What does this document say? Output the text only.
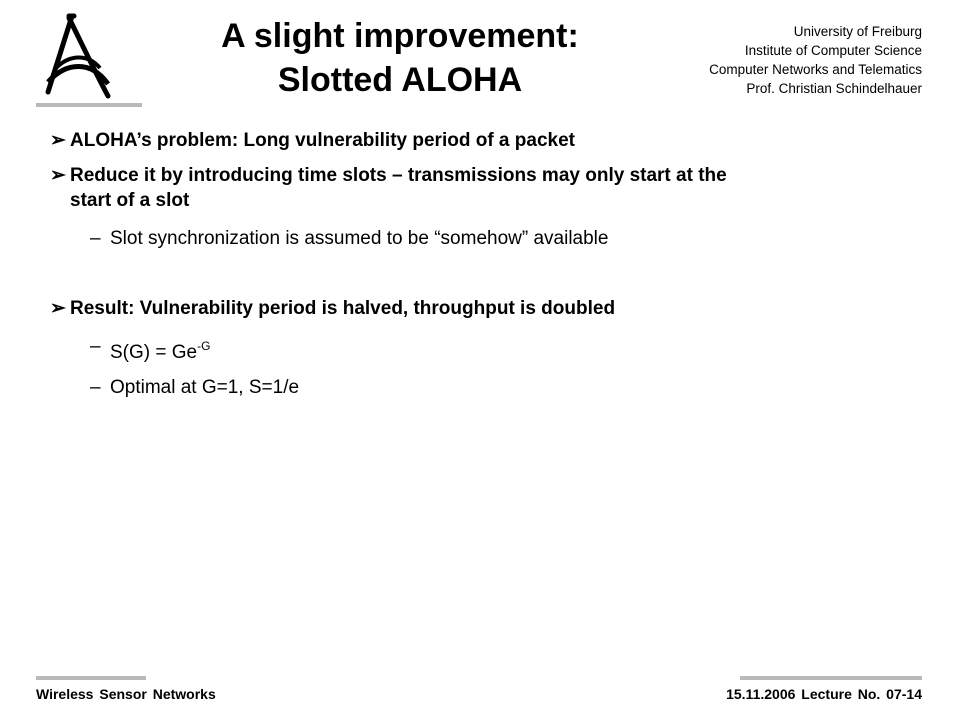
A slight improvement:
Slotted ALOHA
University of Freiburg
Institute of Computer Science
Computer Networks and Telematics
Prof. Christian Schindelhauer
➢ ALOHA’s problem: Long vulnerability period of a packet
➢ Reduce it by introducing time slots – transmissions may only start at the
start of a slot
– Slot synchronization is assumed to be “somehow” available
➢ Result: Vulnerability period is halved, throughput is doubled
– $S(G) = Ge^{-G}$
– Optimal at G=1, S=1/e
Wireless Sensor Networks	15.11.2006 Lecture No. 07-14
